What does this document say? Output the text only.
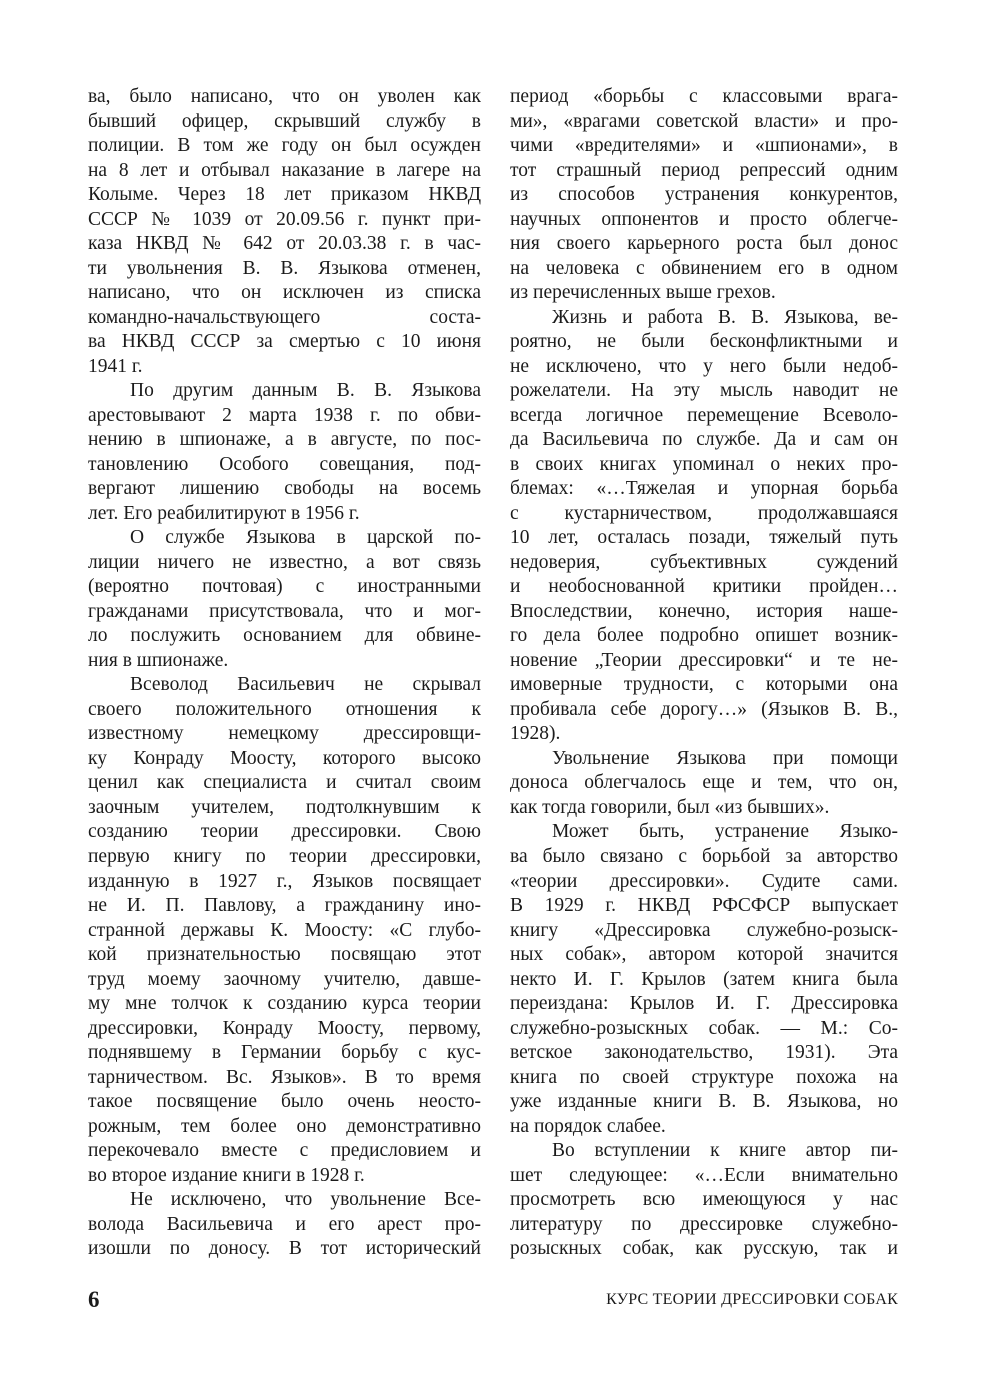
ва, было написано, что он уволен как
бывший офицер, скрывший службу в
полиции. В том же году он был осужден
на 8 лет и отбывал наказание в лагере на
Колыме. Через 18 лет приказом НКВД
СССР № 1039 от 20.09.56 г. пункт при-
каза НКВД № 642 от 20.03.38 г. в час-
ти увольнения В. В. Языкова отменен,
написано, что он исключен из списка
командно-начальствующего соста-
ва НКВД СССР за смертью с 10 июня
1941 г.
По другим данным В. В. Языкова
арестовывают 2 марта 1938 г. по обви-
нению в шпионаже, а в августе, по пос-
тановлению Особого совещания, под-
вергают лишению свободы на восемь
лет. Его реабилитируют в 1956 г.
О службе Языкова в царской по-
лиции ничего не известно, а вот связь
(вероятно почтовая) с иностранными
гражданами присутствовала, что и мог-
ло послужить основанием для обвине-
ния в шпионаже.
Всеволод Васильевич не скрывал
своего положительного отношения к
известному немецкому дрессировщи-
ку Конраду Моосту, которого высоко
ценил как специалиста и считал своим
заочным учителем, подтолкнувшим к
созданию теории дрессировки. Свою
первую книгу по теории дрессировки,
изданную в 1927 г., Языков посвящает
не И. П. Павлову, а гражданину ино-
странной державы К. Моосту: «С глубо-
кой признательностью посвящаю этот
труд моему заочному учителю, давше-
му мне толчок к созданию курса теории
дрессировки, Конраду Моосту, первому,
поднявшему в Германии борьбу с кус-
тарничеством. Вс. Языков». В то время
такое посвящение было очень неосто-
рожным, тем более оно демонстративно
перекочевало вместе с предисловием и
во второе издание книги в 1928 г.
Не исключено, что увольнение Все-
волода Васильевича и его арест про-
изошли по доносу. В тот исторический
период «борьбы с классовыми врага-
ми», «врагами советской власти» и про-
чими «вредителями» и «шпионами», в
тот страшный период репрессий одним
из способов устранения конкурентов,
научных оппонентов и просто облегче-
ния своего карьерного роста был донос
на человека с обвинением его в одном
из перечисленных выше грехов.
Жизнь и работа В. В. Языкова, ве-
роятно, не были бесконфликтными и
не исключено, что у него были недоб-
рожелатели. На эту мысль наводит не
всегда логичное перемещение Всеволо-
да Васильевича по службе. Да и сам он
в своих книгах упоминал о неких про-
блемах: «…Тяжелая и упорная борьба
с кустарничеством, продолжавшаяся
10 лет, осталась позади, тяжелый путь
недоверия, субъективных суждений
и необоснованной критики пройден…
Впоследствии, конечно, история наше-
го дела более подробно опишет возник-
новение „Теории дрессировки“ и те не-
имоверные трудности, с которыми она
пробивала себе дорогу…» (Языков В. В.,
1928).
Увольнение Языкова при помощи
доноса облегчалось еще и тем, что он,
как тогда говорили, был «из бывших».
Может быть, устранение Языко-
ва было связано с борьбой за авторство
«теории дрессировки». Судите сами.
В 1929 г. НКВД РФСФСР выпускает
книгу «Дрессировка служебно-розыск-
ных собак», автором которой значится
некто И. Г. Крылов (затем книга была
переиздана: Крылов И. Г. Дрессировка
служебно-розыскных собак. — М.: Со-
ветское законодательство, 1931). Эта
книга по своей структуре похожа на
уже изданные книги В. В. Языкова, но
на порядок слабее.
Во вступлении к книге автор пи-
шет следующее: «…Если внимательно
просмотреть всю имеющуюся у нас
литературу по дрессировке служебно-
розыскных собак, как русскую, так и
6	КУРС ТЕОРИИ ДРЕССИРОВКИ СОБАК
